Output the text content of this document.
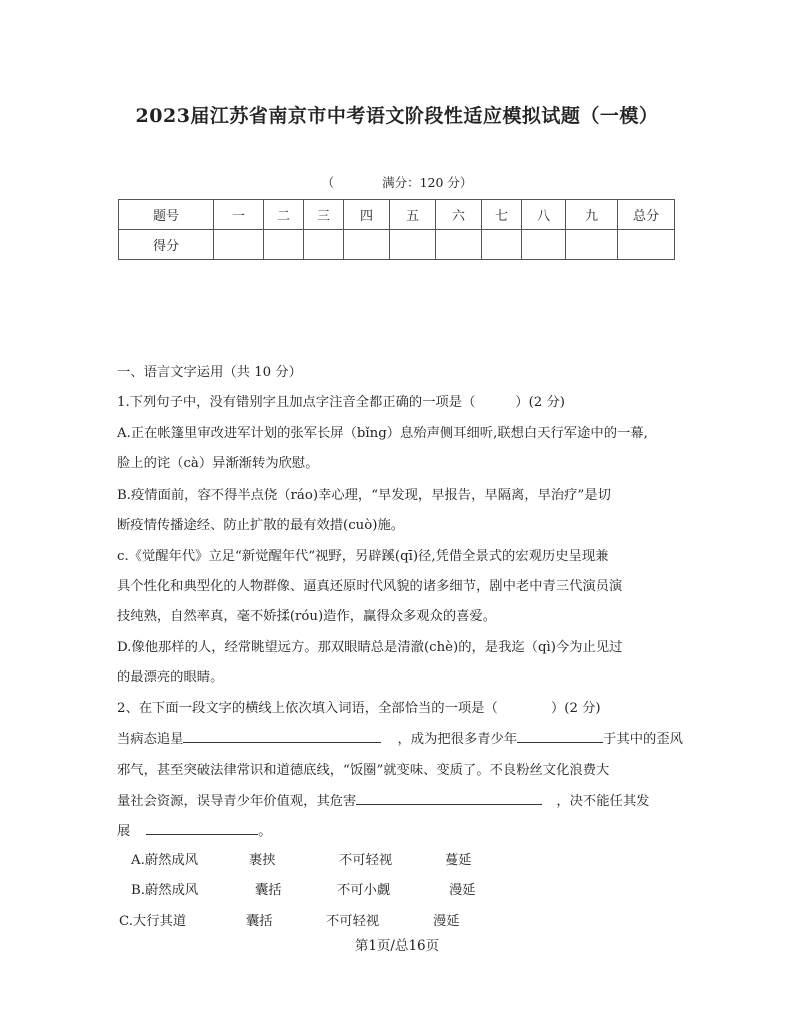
2023届江苏省南京市中考语文阶段性适应模拟试题（一模）
（	满分：120 分）
题号	一	二	三	四	五	六	七	八	九	总分
得分										
一、语言文字运用（共 10 分）
1.下列句子中，没有错别字且加点字注音全都正确的一项是（　　　）(2 分)
A.正在帐篷里审改进军计划的张军长屏（bǐng）息殆声侧耳细听,联想白天行军途中的一幕,
脸上的诧（cà）异渐渐转为欣慰。
B.疫情面前，容不得半点侥（ráo)幸心理，“早发现，早报告，早隔离，早治疗”是切
断疫情传播途经、防止扩散的最有效措(cuò)施。
c.《觉醒年代》立足“新觉醒年代”视野，另辟蹊(qī)径,凭借全景式的宏观历史呈现兼
具个性化和典型化的人物群像、逼真还原时代风貌的诸多细节，剧中老中青三代演员演
技纯熟，自然率真，毫不娇揉(róu)造作，赢得众多观众的喜爱。
D.像他那样的人，经常眺望远方。那双眼睛总是清澈(chè)的，是我迄（qì)今为止见过
的最漂亮的眼睛。
2、在下面一段文字的横线上依次填入词语，全部恰当的一项是（　　　　）(2 分)
当病态追星	，成为把很多青少年	于其中的歪风
邪气，甚至突破法律常识和道德底线，“饭圈”就变味、变质了。不良粉丝文化浪费大
量社会资源，误导青少年价值观，其危害	，决不能任其发
展	。
A.蔚然成风	裹挟	不可轻视	蔓延
B.蔚然成风	囊括	不可小觑	漫延
C.大行其道	囊括	不可轻视	漫延
第1页/总16页
